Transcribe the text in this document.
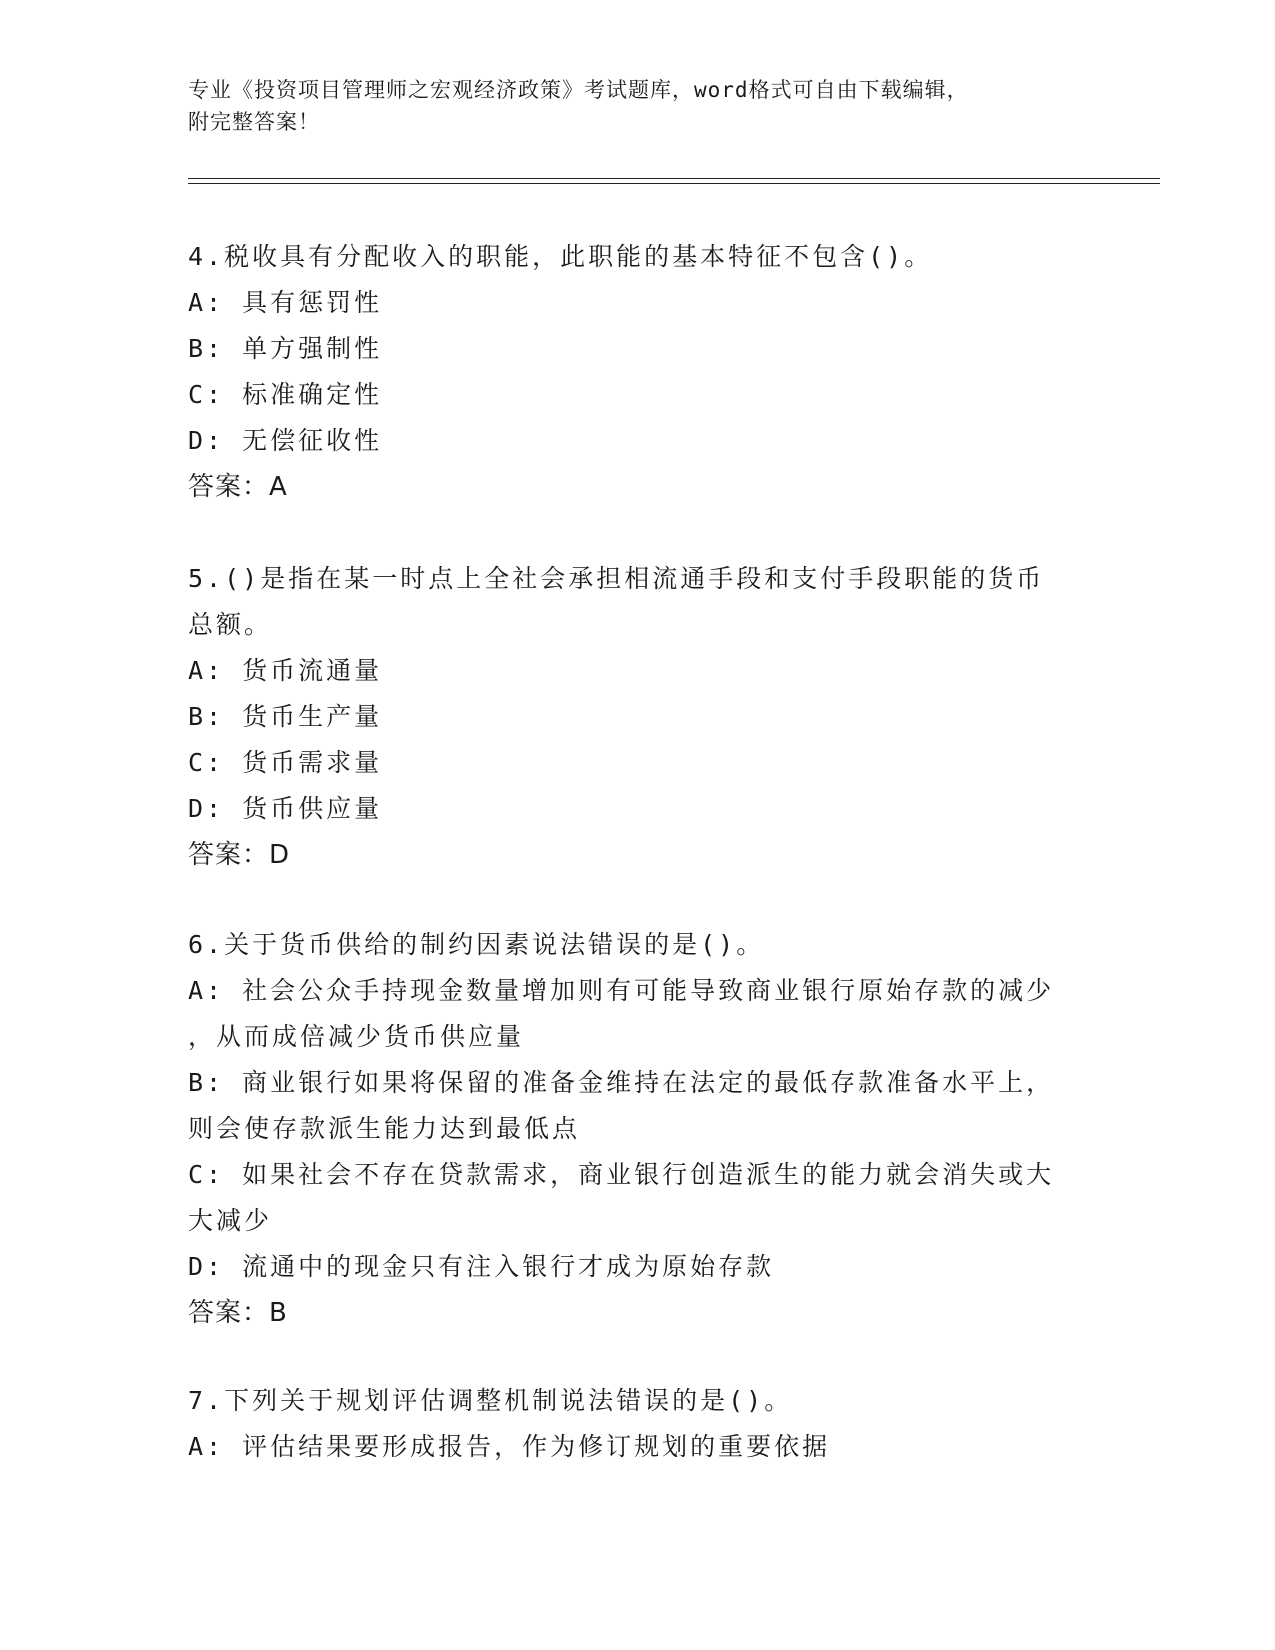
专业《投资项目管理师之宏观经济政策》考试题库，word格式可自由下载编辑，
附完整答案！
4.税收具有分配收入的职能，此职能的基本特征不包含()。
A: 具有惩罚性
B: 单方强制性
C: 标准确定性
D: 无偿征收性
答案：A
5.()是指在某一时点上全社会承担相流通手段和支付手段职能的货币
总额。
A: 货币流通量
B: 货币生产量
C: 货币需求量
D: 货币供应量
答案：D
6.关于货币供给的制约因素说法错误的是()。
A: 社会公众手持现金数量增加则有可能导致商业银行原始存款的减少
，从而成倍减少货币供应量
B: 商业银行如果将保留的准备金维持在法定的最低存款准备水平上，
则会使存款派生能力达到最低点
C: 如果社会不存在贷款需求，商业银行创造派生的能力就会消失或大
大减少
D: 流通中的现金只有注入银行才成为原始存款
答案：B
7.下列关于规划评估调整机制说法错误的是()。
A: 评估结果要形成报告，作为修订规划的重要依据
